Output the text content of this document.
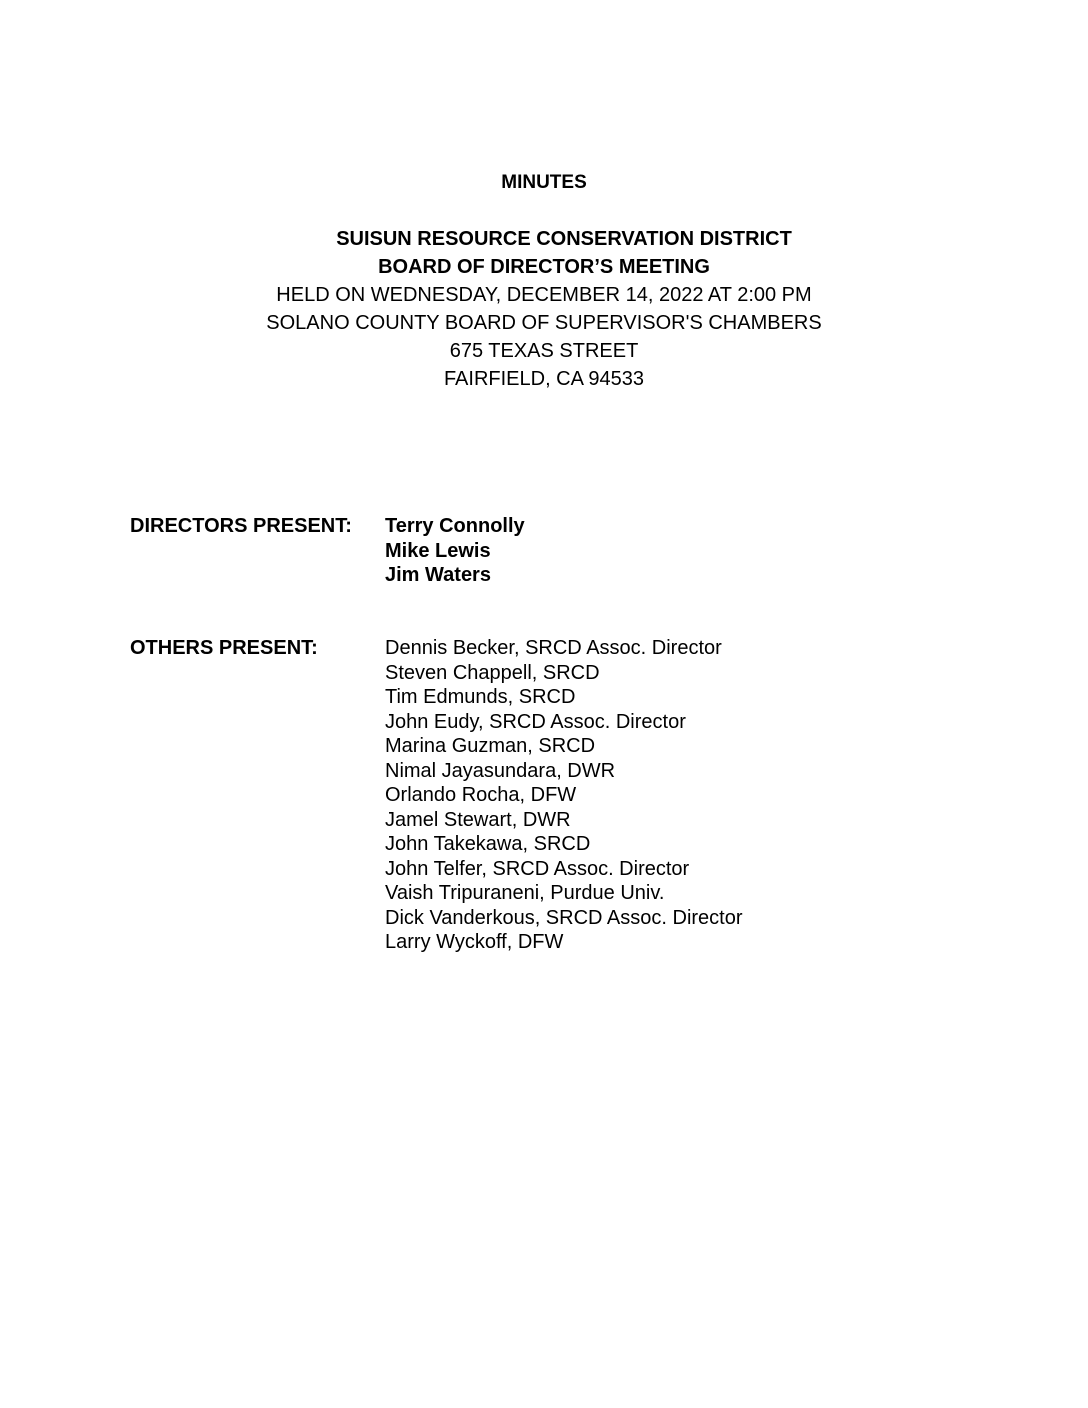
MINUTES
SUISUN RESOURCE CONSERVATION DISTRICT
BOARD OF DIRECTOR’S MEETING
HELD ON WEDNESDAY, DECEMBER 14, 2022 AT 2:00 PM
SOLANO COUNTY BOARD OF SUPERVISOR'S CHAMBERS
675 TEXAS STREET
FAIRFIELD, CA 94533
DIRECTORS PRESENT: Terry Connolly
Mike Lewis
Jim Waters
OTHERS PRESENT:	Dennis Becker, SRCD Assoc. Director
Steven Chappell, SRCD
Tim Edmunds, SRCD
John Eudy, SRCD Assoc. Director
Marina Guzman, SRCD
Nimal Jayasundara, DWR
Orlando Rocha, DFW
Jamel Stewart, DWR
John Takekawa, SRCD
John Telfer, SRCD Assoc. Director
Vaish Tripuraneni, Purdue Univ.
Dick Vanderkous, SRCD Assoc. Director
Larry Wyckoff, DFW
